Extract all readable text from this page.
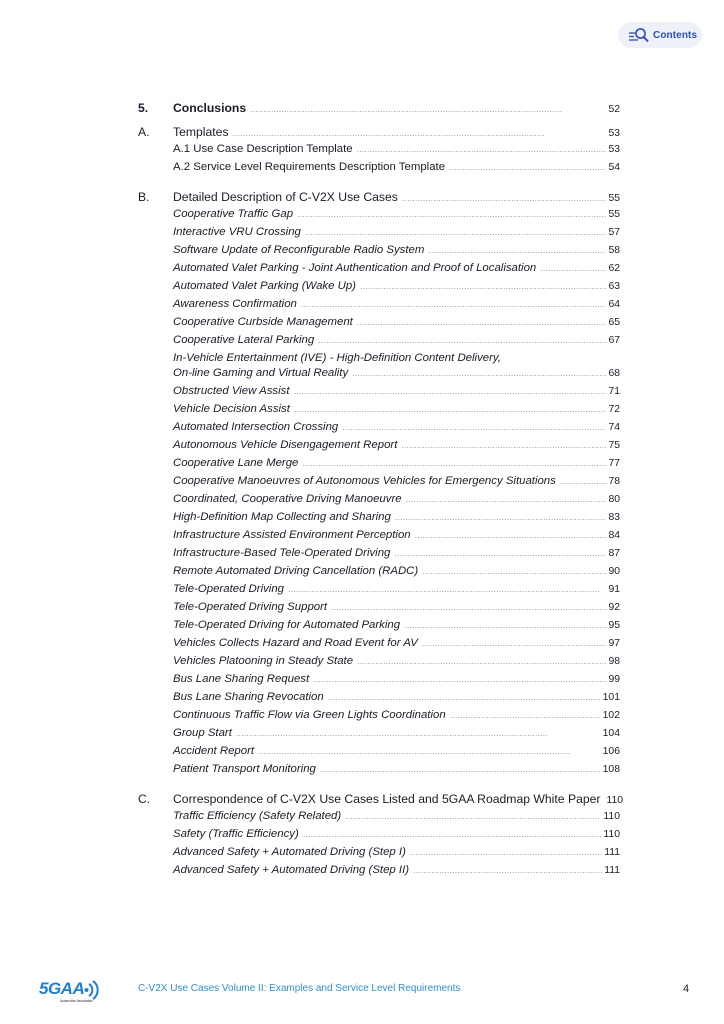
Contents
5. Conclusions . . .	52
A. Templates . . .	53
A.1 Use Case Description Template . . .	53
A.2 Service Level Requirements Description Template . . .	54
B. Detailed Description of C-V2X Use Cases . . .	55
Cooperative Traffic Gap . . .	55
Interactive VRU Crossing . . .	57
Software Update of Reconfigurable Radio System . . .	58
Automated Valet Parking - Joint Authentication and Proof of Localisation . . .	62
Automated Valet Parking (Wake Up) . . .	63
Awareness Confirmation . . .	64
Cooperative Curbside Management . . .	65
Cooperative Lateral Parking . . .	67
In-Vehicle Entertainment (IVE) - High-Definition Content Delivery,
On-line Gaming and Virtual Reality . . .	68
Obstructed View Assist . . .	71
Vehicle Decision Assist . . .	72
Automated Intersection Crossing . . .	74
Autonomous Vehicle Disengagement Report . . .	75
Cooperative Lane Merge . . .	77
Cooperative Manoeuvres of Autonomous Vehicles for Emergency Situations . . .	78
Coordinated, Cooperative Driving Manoeuvre . . .	80
High-Definition Map Collecting and Sharing . . .	83
Infrastructure Assisted Environment Perception . . .	84
Infrastructure-Based Tele-Operated Driving . . .	87
Remote Automated Driving Cancellation (RADC) . . .	90
Tele-Operated Driving . . .	91
Tele-Operated Driving Support . . .	92
Tele-Operated Driving for Automated Parking . . .	95
Vehicles Collects Hazard and Road Event for AV . . .	97
Vehicles Platooning in Steady State . . .	98
Bus Lane Sharing Request . . .	99
Bus Lane Sharing Revocation . . .	101
Continuous Traffic Flow via Green Lights Coordination . . .	102
Group Start . . .	104
Accident Report . . .	106
Patient Transport Monitoring . . .	108
C. Correspondence of C-V2X Use Cases Listed and 5GAA Roadmap White Paper 110
Traffic Efficiency (Safety Related) . . .	110
Safety (Traffic Efficiency) . . .	110
Advanced Safety + Automated Driving (Step I) . . .	111
Advanced Safety + Automated Driving (Step II) . . .	111
5GAA
Automotive Association
C-V2X Use Cases Volume II: Examples and Service Level Requirements	4
